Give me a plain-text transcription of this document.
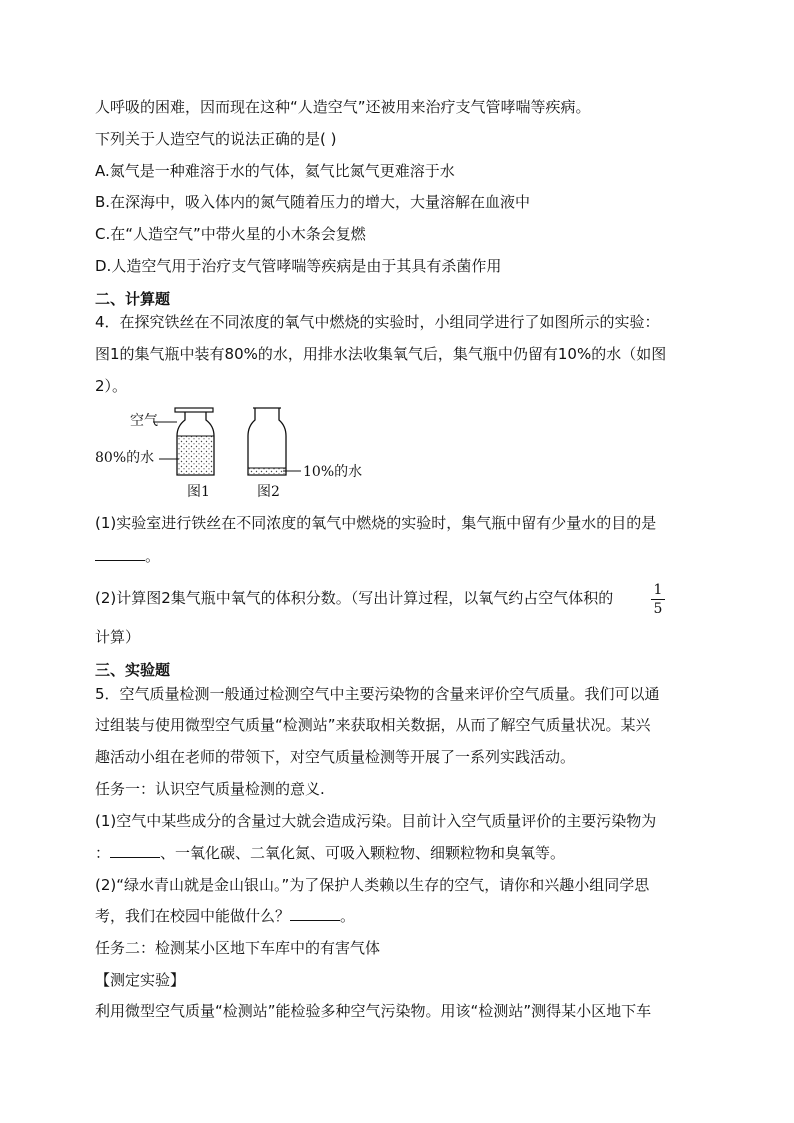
人呼吸的困难，因而现在这种“人造空气”还被用来治疗支气管哮喘等疾病。
下列关于人造空气的说法正确的是( )
A.氮气是一种难溶于水的气体，氦气比氮气更难溶于水
B.在深海中，吸入体内的氮气随着压力的增大，大量溶解在血液中
C.在“人造空气”中带火星的小木条会复燃
D.人造空气用于治疗支气管哮喘等疾病是由于其具有杀菌作用
二、计算题
4．在探究铁丝在不同浓度的氧气中燃烧的实验时，小组同学进行了如图所示的实验：
图1的集气瓶中装有80%的水，用排水法收集氧气后，集气瓶中仍留有10%的水（如图
2）。
空气
80%的水
10%的水
图1	图2
(1)实验室进行铁丝在不同浓度的氧气中燃烧的实验时，集气瓶中留有少量水的目的是
。
(2)计算图2集气瓶中氧气的体积分数。（写出计算过程，以氧气约占空气体积的	1
5
计算）
三、实验题
5．空气质量检测一般通过检测空气中主要污染物的含量来评价空气质量。我们可以通
过组装与使用微型空气质量“检测站”来获取相关数据，从而了解空气质量状况。某兴
趣活动小组在老师的带领下，对空气质量检测等开展了一系列实践活动。
任务一：认识空气质量检测的意义.
(1)空气中某些成分的含量过大就会造成污染。目前计入空气质量评价的主要污染物为
：	、一氧化碳、二氧化氮、可吸入颗粒物、细颗粒物和臭氧等。
(2)“绿水青山就是金山银山。”为了保护人类赖以生存的空气，请你和兴趣小组同学思
考，我们在校园中能做什么？	。
任务二：检测某小区地下车库中的有害气体
【测定实验】
利用微型空气质量“检测站”能检验多种空气污染物。用该“检测站”测得某小区地下车
